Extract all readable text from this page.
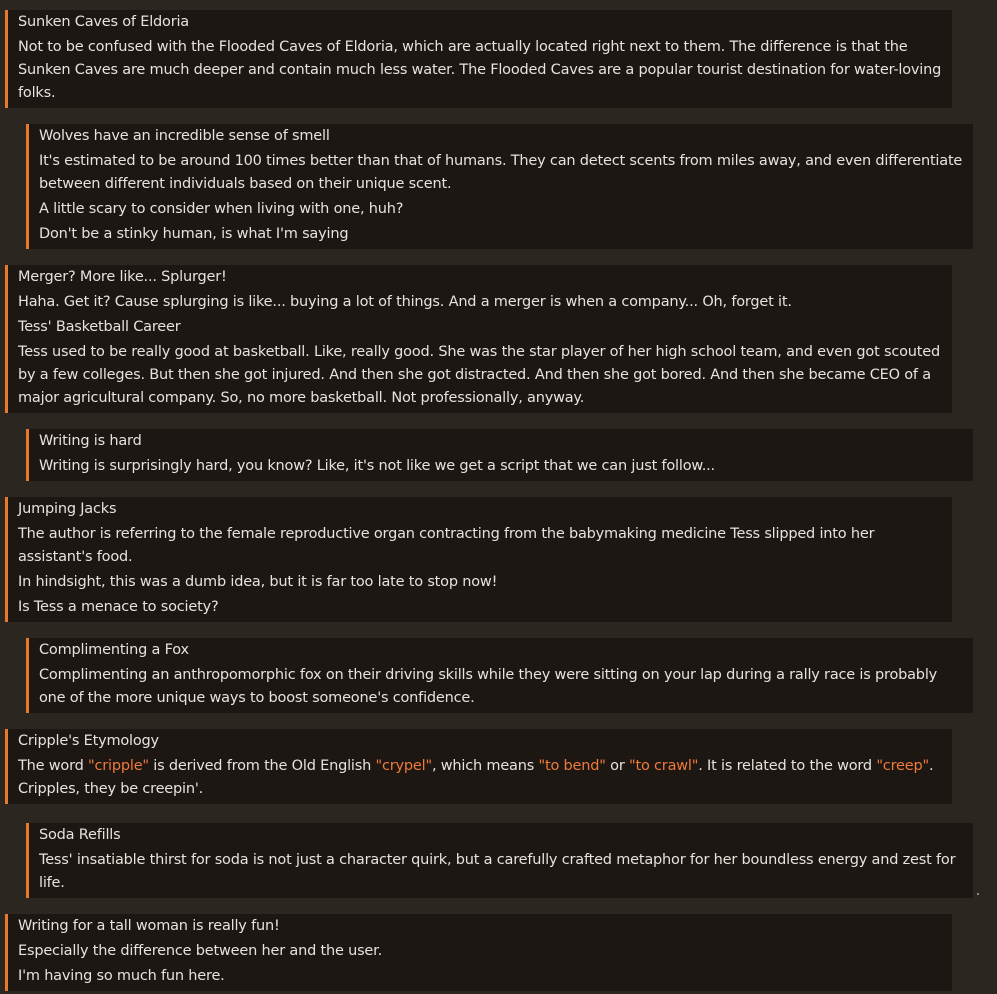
Sunken Caves of Eldoria
Not to be confused with the Flooded Caves of Eldoria, which are actually located right next to them. The difference is that the Sunken Caves are much deeper and contain much less water. The Flooded Caves are a popular tourist destination for water-loving folks.
Wolves have an incredible sense of smell
It's estimated to be around 100 times better than that of humans. They can detect scents from miles away, and even differentiate between different individuals based on their unique scent.
A little scary to consider when living with one, huh?
Don't be a stinky human, is what I'm saying
Merger? More like... Splurger!
Haha. Get it? Cause splurging is like... buying a lot of things. And a merger is when a company... Oh, forget it.
Tess' Basketball Career
Tess used to be really good at basketball. Like, really good. She was the star player of her high school team, and even got scouted by a few colleges. But then she got injured. And then she got distracted. And then she got bored. And then she became CEO of a major agricultural company. So, no more basketball. Not professionally, anyway.
Writing is hard
Writing is surprisingly hard, you know? Like, it's not like we get a script that we can just follow...
Jumping Jacks
The author is referring to the female reproductive organ contracting from the babymaking medicine Tess slipped into her assistant's food.
In hindsight, this was a dumb idea, but it is far too late to stop now!
Is Tess a menace to society?
Complimenting a Fox
Complimenting an anthropomorphic fox on their driving skills while they were sitting on your lap during a rally race is probably one of the more unique ways to boost someone's confidence.
Cripple's Etymology
The word "cripple" is derived from the Old English "crypel", which means "to bend" or "to crawl". It is related to the word "creep". Cripples, they be creepin'.
Soda Refills
Tess' insatiable thirst for soda is not just a character quirk, but a carefully crafted metaphor for her boundless energy and zest for life.
Writing for a tall woman is really fun!
Especially the difference between her and the user.
I'm having so much fun here.
